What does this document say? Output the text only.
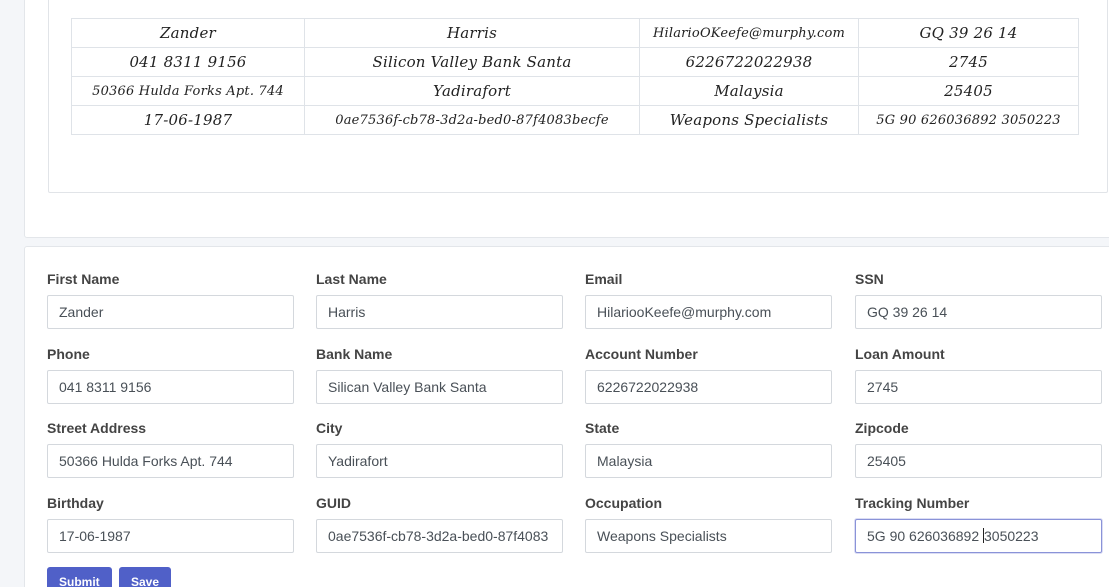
Zander	Harris	HilarioOKeefe@murphy.com	GQ 39 26 14
041 8311 9156	Silicon Valley Bank Santa	6226722022938	2745
50366 Hulda Forks Apt. 744	Yadirafort	Malaysia	25405
17-06-1987	0ae7536f-cb78-3d2a-bed0-87f4083becfe	Weapons Specialists	5G 90 626036892 3050223
First Name
Zander
Last Name
Harris
Email
HilariooKeefe@murphy.com
SSN
GQ 39 26 14
Phone
041 8311 9156
Bank Name
Silican Valley Bank Santa
Account Number
6226722022938
Loan Amount
2745
Street Address
50366 Hulda Forks Apt. 744
City
Yadirafort
State
Malaysia
Zipcode
25405
Birthday
17-06-1987
GUID
0ae7536f-cb78-3d2a-bed0-87f4083
Occupation
Weapons Specialists
Tracking Number
5G 90 626036892 3050223
Submit	Save
